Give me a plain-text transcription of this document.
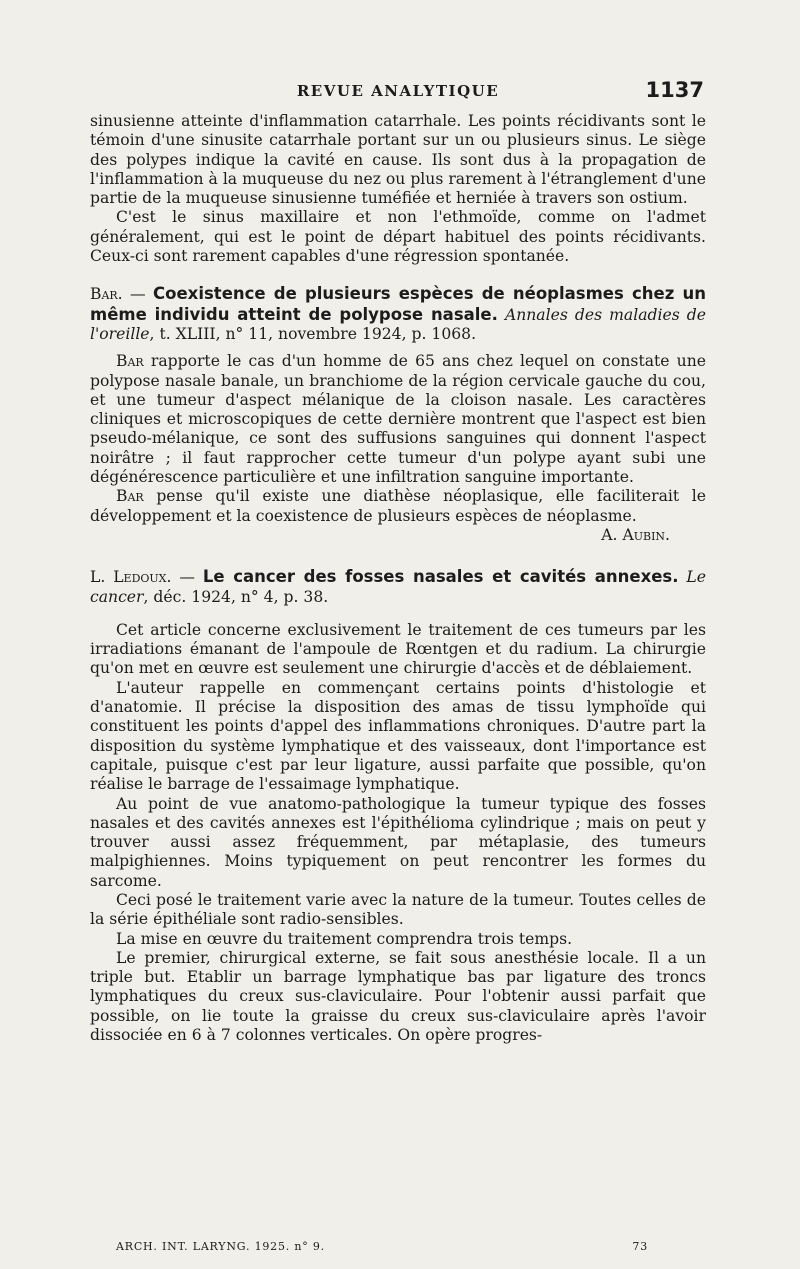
REVUE ANALYTIQUE	1137

sinusienne atteinte d'inflammation catarrhale. Les points récidivants sont le témoin d'une sinusite catarrhale portant sur un ou plusieurs sinus. Le siège des polypes indique la cavité en cause. Ils sont dus à la propagation de l'inflammation à la muqueuse du nez ou plus rarement à l'étranglement d'une partie de la muqueuse sinusienne tuméfiée et herniée à travers son ostium.

C'est le sinus maxillaire et non l'ethmoïde, comme on l'admet généralement, qui est le point de départ habituel des points récidivants. Ceux-ci sont rarement capables d'une régression spontanée.

Bar. — Coexistence de plusieurs espèces de néoplasmes chez un même individu atteint de polypose nasale. Annales des maladies de l'oreille, t. XLIII, n° 11, novembre 1924, p. 1068.

Bar rapporte le cas d'un homme de 65 ans chez lequel on constate une polypose nasale banale, un branchiome de la région cervicale gauche du cou, et une tumeur d'aspect mélanique de la cloison nasale. Les caractères cliniques et microscopiques de cette dernière montrent que l'aspect est bien pseudo-mélanique, ce sont des suffusions sanguines qui donnent l'aspect noirâtre ; il faut rapprocher cette tumeur d'un polype ayant subi une dégénérescence particulière et une infiltration sanguine importante.

Bar pense qu'il existe une diathèse néoplasique, elle faciliterait le développement et la coexistence de plusieurs espèces de néoplasme.

A. Aubin.
L. Ledoux. — Le cancer des fosses nasales et cavités annexes. Le cancer, déc. 1924, n° 4, p. 38.

Cet article concerne exclusivement le traitement de ces tumeurs par les irradiations émanant de l'ampoule de Rœntgen et du radium. La chirurgie qu'on met en œuvre est seulement une chirurgie d'accès et de déblaiement.

L'auteur rappelle en commençant certains points d'histologie et d'anatomie. Il précise la disposition des amas de tissu lymphoïde qui constituent les points d'appel des inflammations chroniques. D'autre part la disposition du système lymphatique et des vaisseaux, dont l'importance est capitale, puisque c'est par leur ligature, aussi parfaite que possible, qu'on réalise le barrage de l'essaimage lymphatique.

Au point de vue anatomo-pathologique la tumeur typique des fosses nasales et des cavités annexes est l'épithélioma cylindrique ; mais on peut y trouver aussi assez fréquemment, par métaplasie, des tumeurs malpighiennes. Moins typiquement on peut rencontrer les formes du sarcome.

Ceci posé le traitement varie avec la nature de la tumeur. Toutes celles de la série épithéliale sont radio-sensibles.

La mise en œuvre du traitement comprendra trois temps.

Le premier, chirurgical externe, se fait sous anesthésie locale. Il a un triple but. Etablir un barrage lymphatique bas par ligature des troncs lymphatiques du creux sus-claviculaire. Pour l'obtenir aussi parfait que possible, on lie toute la graisse du creux sus-claviculaire après l'avoir dissociée en 6 à 7 colonnes verticales. On opère progres-

ARCH. INT. LARYNG. 1925. n° 9.	73
